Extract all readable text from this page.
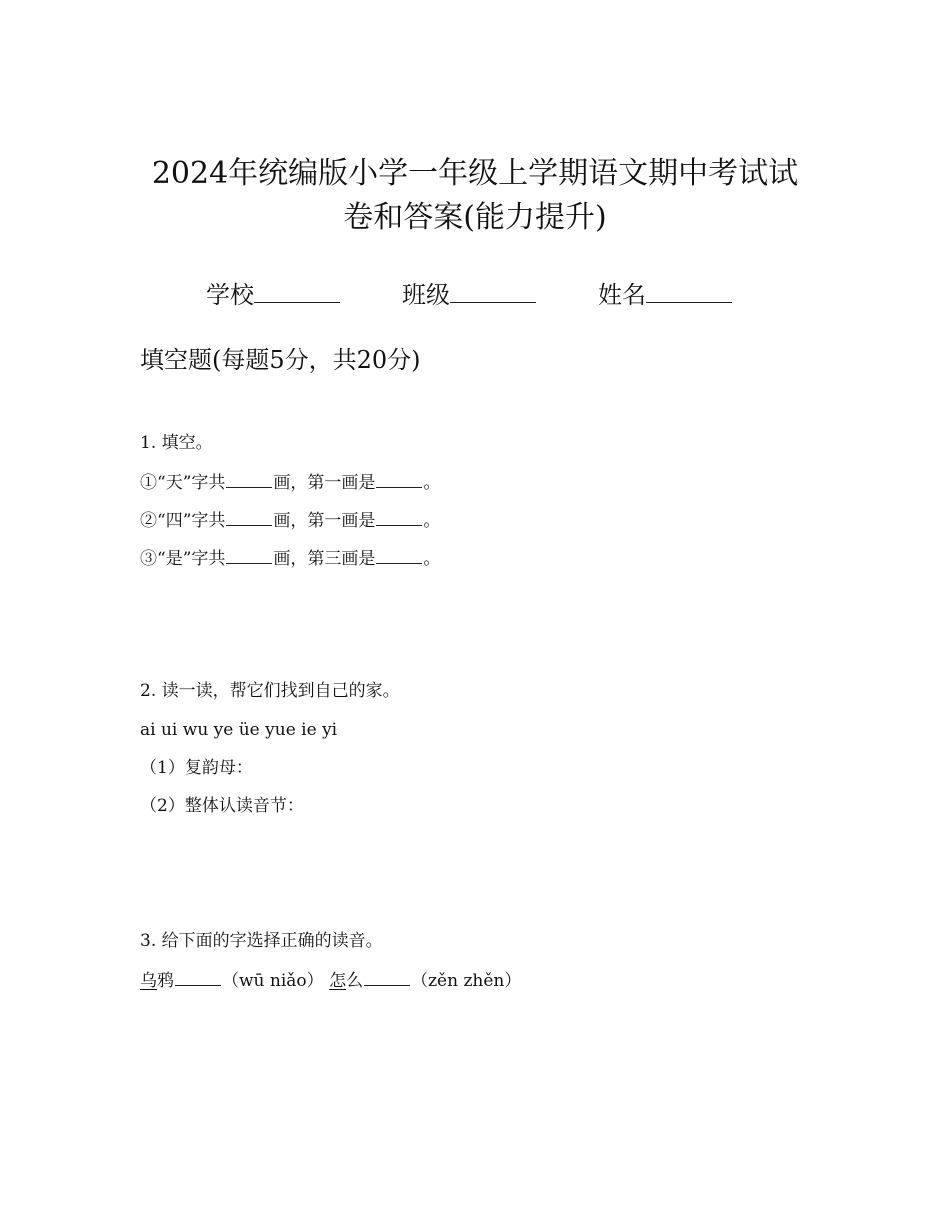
2024年统编版小学一年级上学期语文期中考试试
卷和答案(能力提升)
学校	班级	姓名
填空题(每题5分，共20分)
1. 填空。
①“天”字共	画，第一画是	。
②“四”字共	画，第一画是	。
③“是”字共	画，第三画是	。
2. 读一读，帮它们找到自己的家。
ai ui wu ye üe yue ie yi
（1）复韵母：
（2）整体认读音节：
3. 给下面的字选择正确的读音。
乌鸦	（wū niǎo） 怎么	（zěn zhěn）
